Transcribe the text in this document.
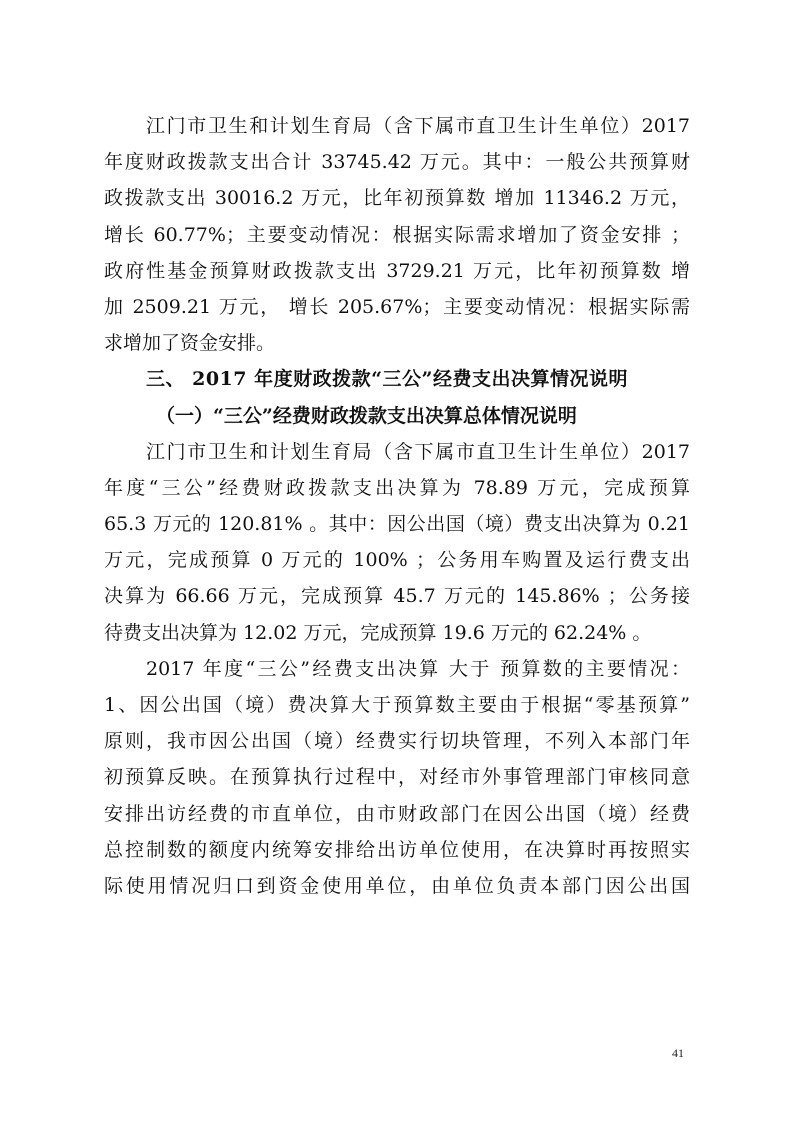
江门市卫生和计划生育局（含下属市直卫生计生单位）2017
年度财政拨款支出合计 33745.42 万元。其中：一般公共预算财
政拨款支出 30016.2 万元，比年初预算数 增加 11346.2 万元，
增长 60.77%；主要变动情况：根据实际需求增加了资金安排 ；
政府性基金预算财政拨款支出 3729.21 万元，比年初预算数 增
加 2509.21 万元， 增长 205.67%；主要变动情况：根据实际需
求增加了资金安排。
三、 2017 年度财政拨款“三公”经费支出决算情况说明
（一）“三公”经费财政拨款支出决算总体情况说明
江门市卫生和计划生育局（含下属市直卫生计生单位）2017
年度“三公”经费财政拨款支出决算为 78.89 万元，完成预算
65.3 万元的 120.81% 。其中：因公出国（境）费支出决算为 0.21
万元，完成预算 0 万元的 100% ；公务用车购置及运行费支出
决算为 66.66 万元，完成预算 45.7 万元的 145.86% ；公务接
待费支出决算为 12.02 万元，完成预算 19.6 万元的 62.24% 。
2017 年度“三公”经费支出决算 大于 预算数的主要情况：
1、因公出国（境）费决算大于预算数主要由于根据“零基预算”
原则，我市因公出国（境）经费实行切块管理，不列入本部门年
初预算反映。在预算执行过程中，对经市外事管理部门审核同意
安排出访经费的市直单位，由市财政部门在因公出国（境）经费
总控制数的额度内统筹安排给出访单位使用，在决算时再按照实
际使用情况归口到资金使用单位，由单位负责本部门因公出国
41
